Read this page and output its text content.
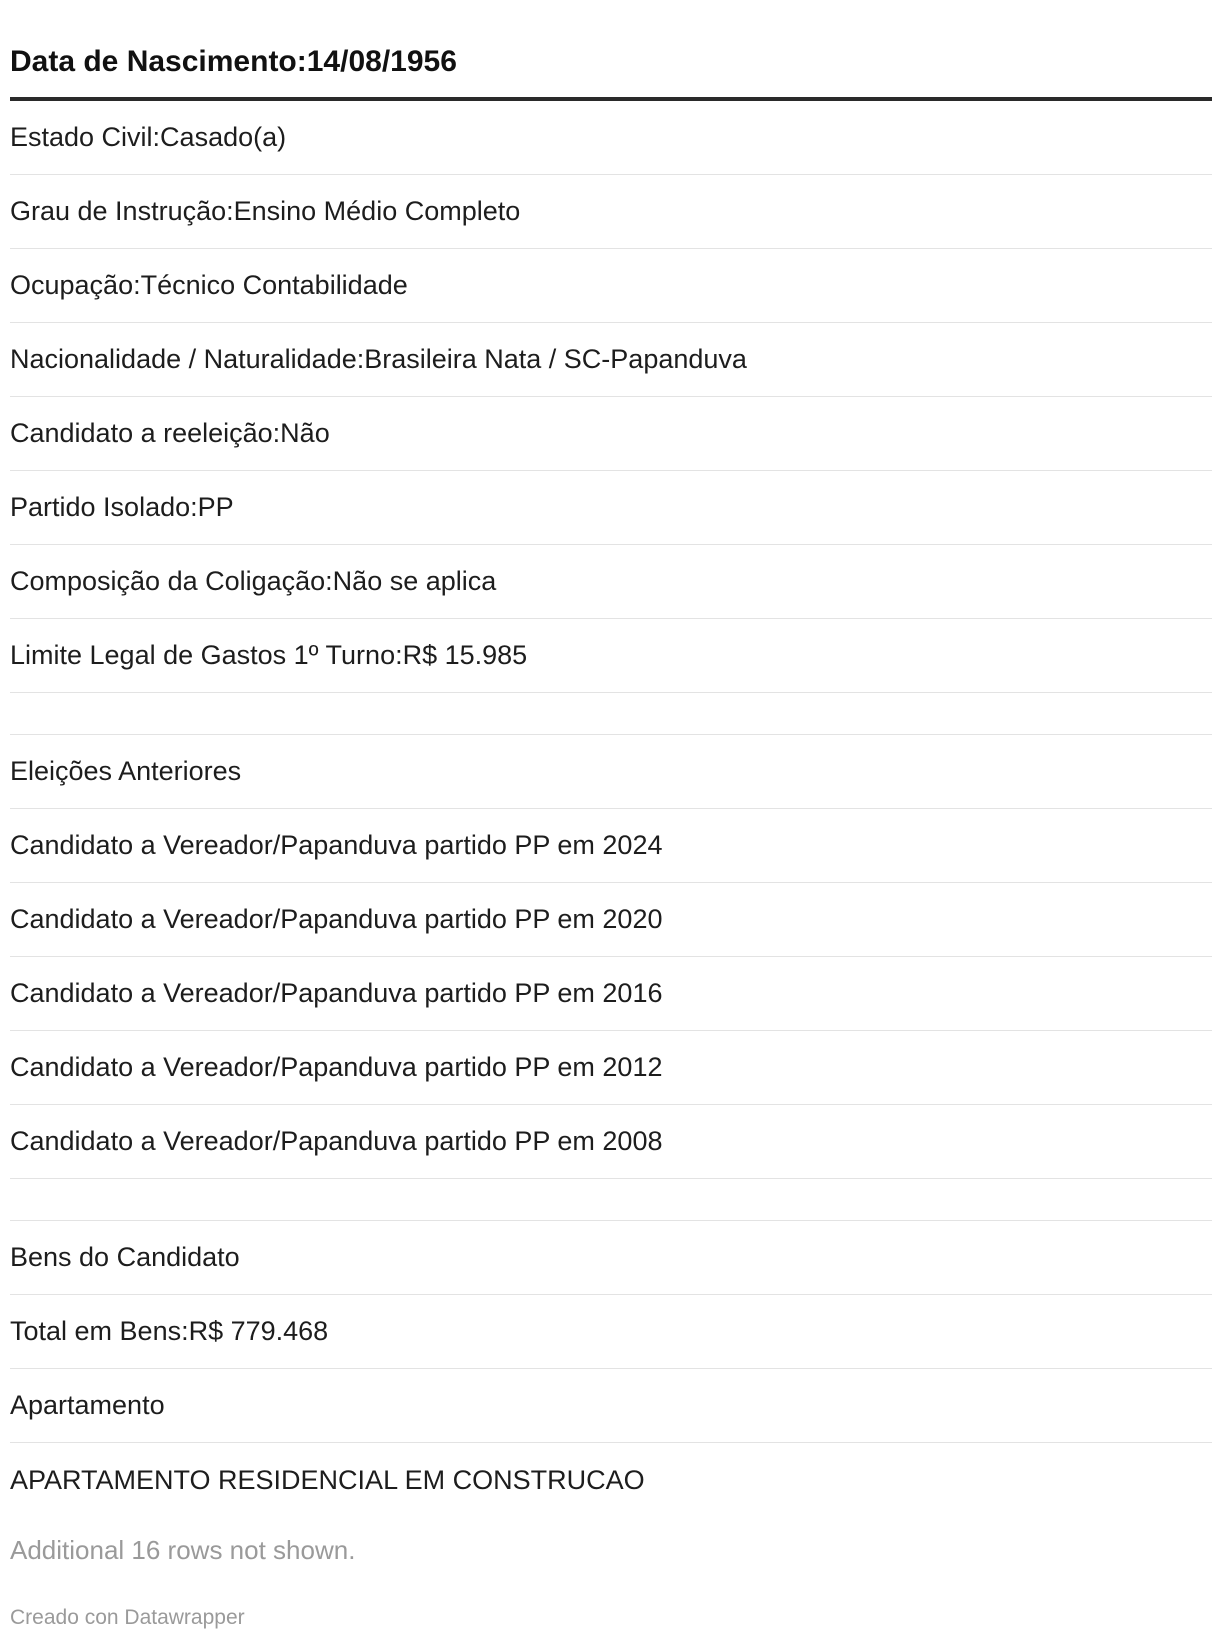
Data de Nascimento:14/08/1956
Estado Civil:Casado(a)
Grau de Instrução:Ensino Médio Completo
Ocupação:Técnico Contabilidade
Nacionalidade / Naturalidade:Brasileira Nata / SC-Papanduva
Candidato a reeleição:Não
Partido Isolado:PP
Composição da Coligação:Não se aplica
Limite Legal de Gastos 1º Turno:R$ 15.985
Eleições Anteriores
Candidato a Vereador/Papanduva partido PP em 2024
Candidato a Vereador/Papanduva partido PP em 2020
Candidato a Vereador/Papanduva partido PP em 2016
Candidato a Vereador/Papanduva partido PP em 2012
Candidato a Vereador/Papanduva partido PP em 2008
Bens do Candidato
Total em Bens:R$ 779.468
Apartamento
APARTAMENTO RESIDENCIAL EM CONSTRUCAO
Additional 16 rows not shown.
Creado con Datawrapper
